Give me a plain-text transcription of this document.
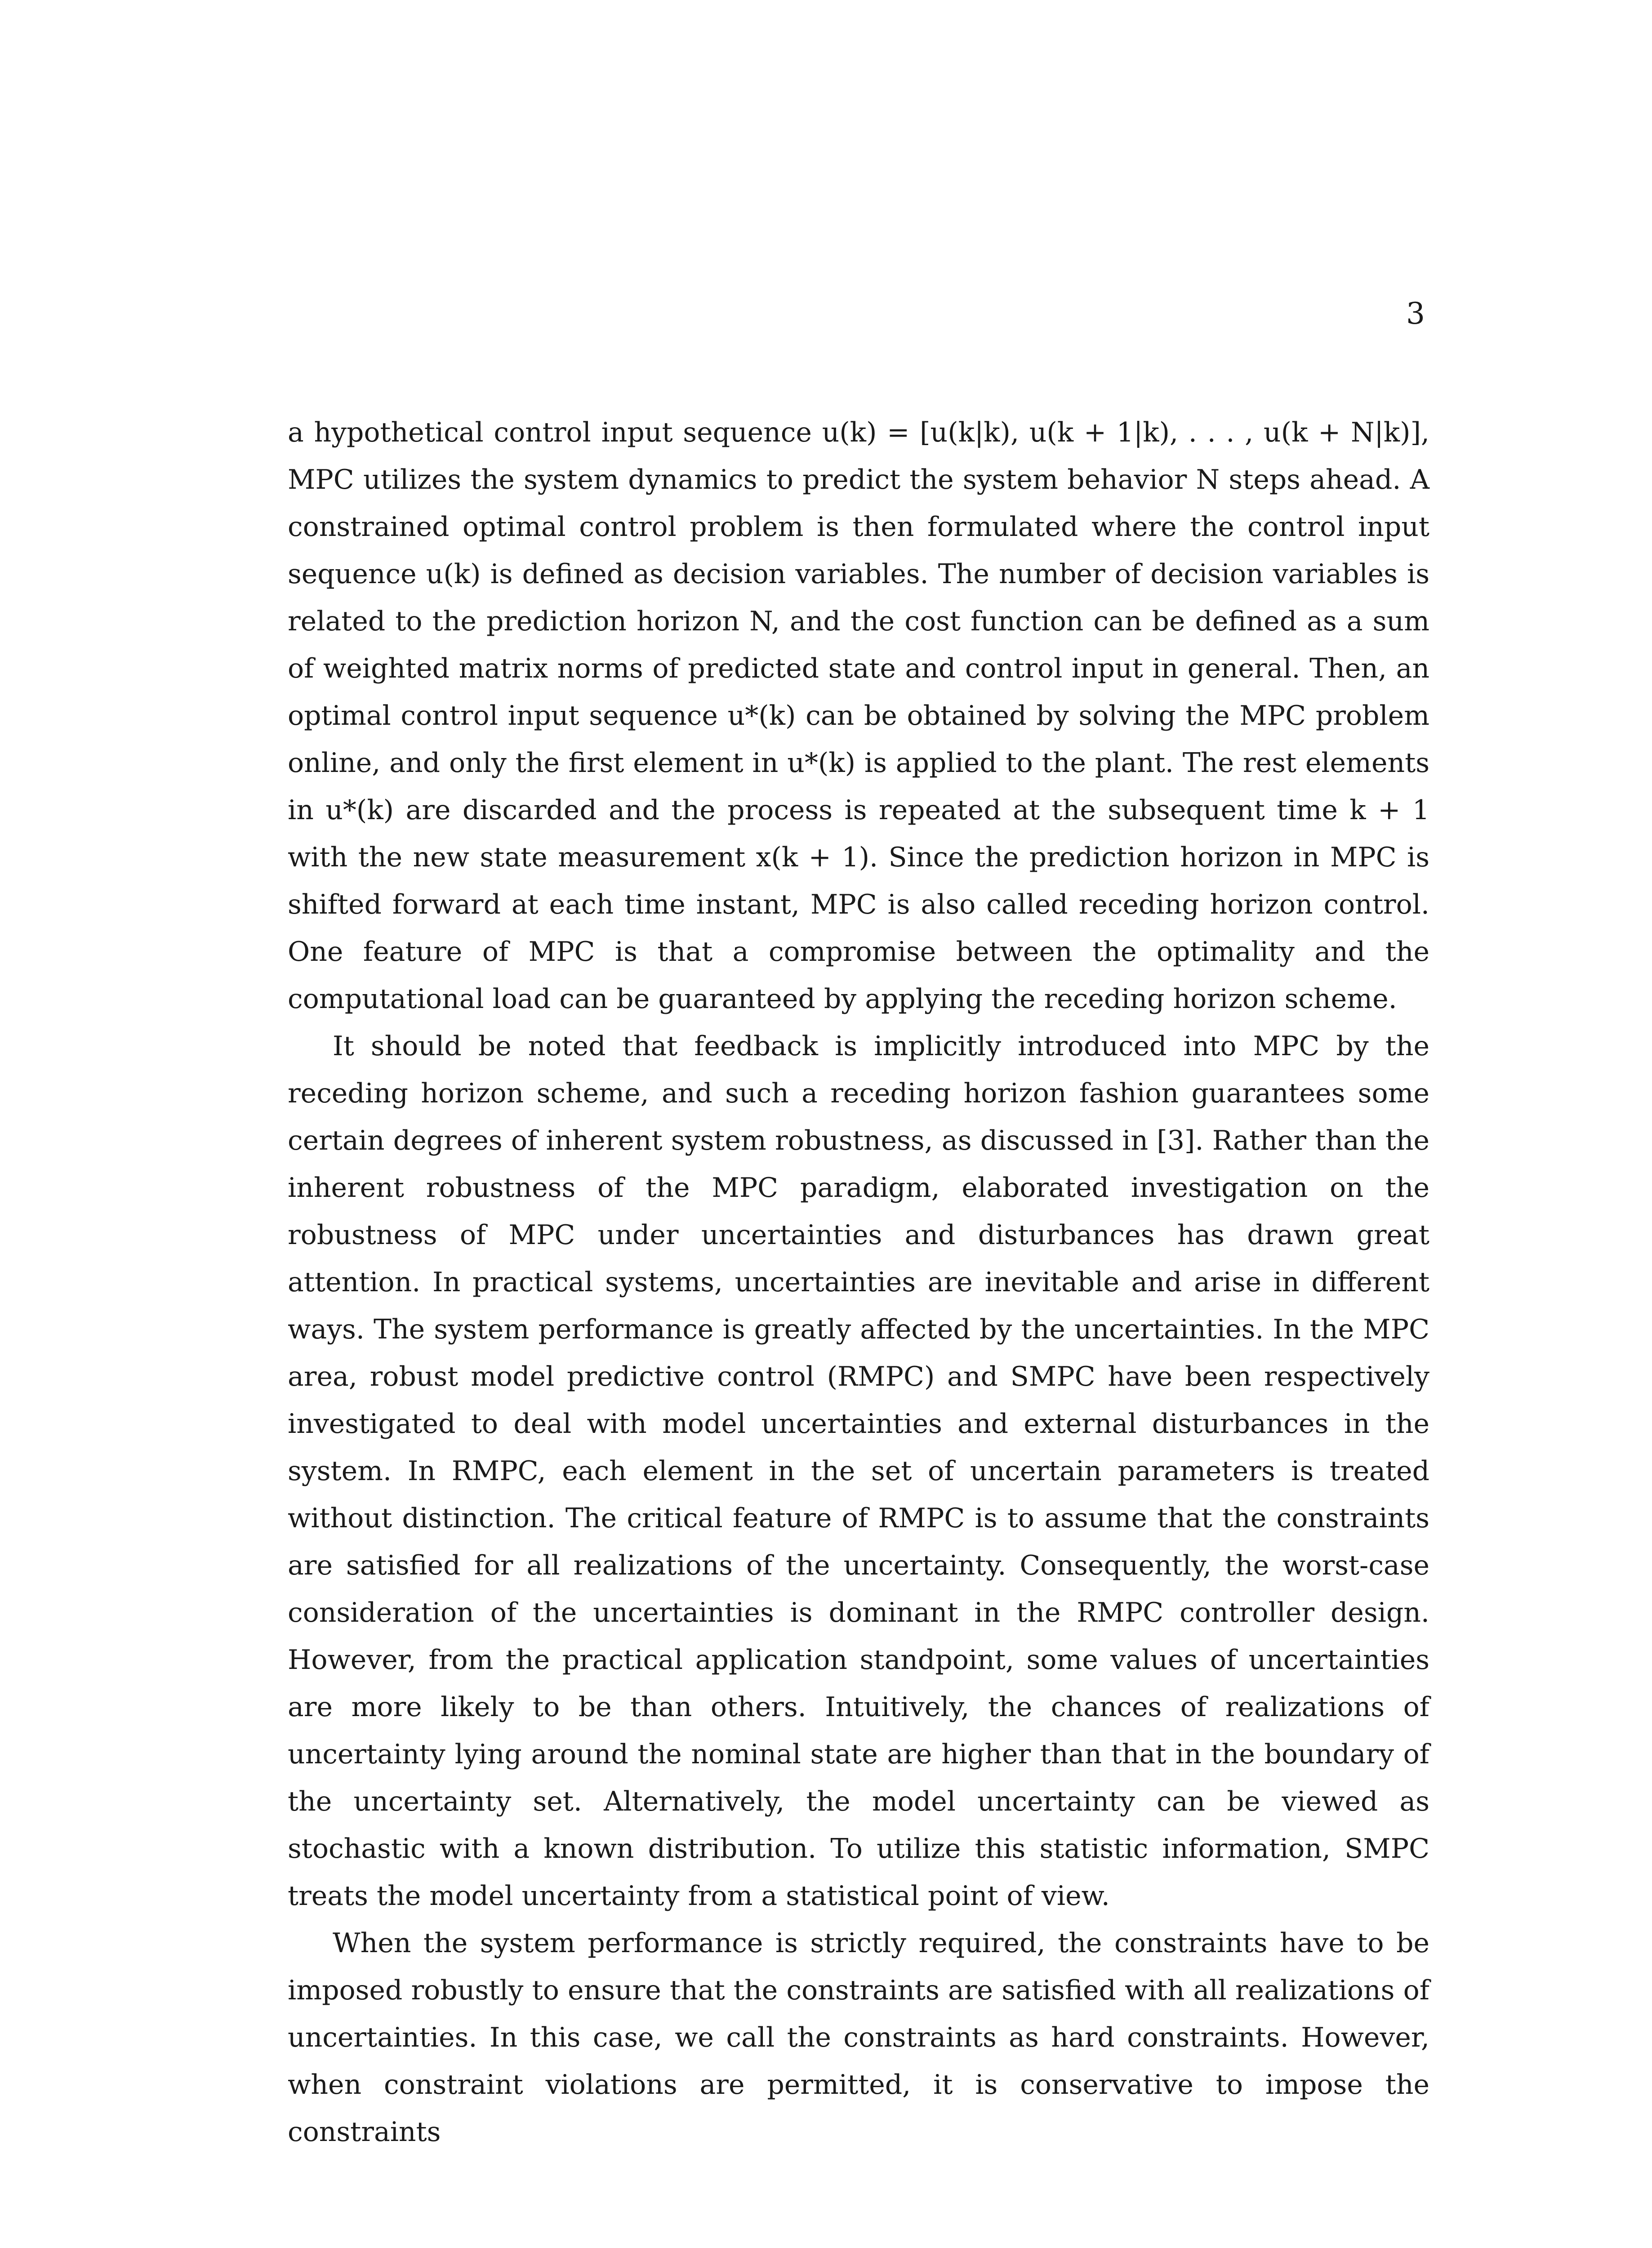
3

a hypothetical control input sequence u(k) = [u(k|k), u(k + 1|k), . . . , u(k + N|k)], MPC utilizes the system dynamics to predict the system behavior N steps ahead. A constrained optimal control problem is then formulated where the control input sequence u(k) is defined as decision variables. The number of decision variables is related to the prediction horizon N, and the cost function can be defined as a sum of weighted matrix norms of predicted state and control input in general. Then, an optimal control input sequence u*(k) can be obtained by solving the MPC problem online, and only the first element in u*(k) is applied to the plant. The rest elements in u*(k) are discarded and the process is repeated at the subsequent time k + 1 with the new state measurement x(k + 1). Since the prediction horizon in MPC is shifted forward at each time instant, MPC is also called receding horizon control. One feature of MPC is that a compromise between the optimality and the computational load can be guaranteed by applying the receding horizon scheme.

It should be noted that feedback is implicitly introduced into MPC by the receding horizon scheme, and such a receding horizon fashion guarantees some certain degrees of inherent system robustness, as discussed in [3]. Rather than the inherent robustness of the MPC paradigm, elaborated investigation on the robustness of MPC under uncertainties and disturbances has drawn great attention. In practical systems, uncertainties are inevitable and arise in different ways. The system performance is greatly affected by the uncertainties. In the MPC area, robust model predictive control (RMPC) and SMPC have been respectively investigated to deal with model uncertainties and external disturbances in the system. In RMPC, each element in the set of uncertain parameters is treated without distinction. The critical feature of RMPC is to assume that the constraints are satisfied for all realizations of the uncertainty. Consequently, the worst-case consideration of the uncertainties is dominant in the RMPC controller design. However, from the practical application standpoint, some values of uncertainties are more likely to be than others. Intuitively, the chances of realizations of uncertainty lying around the nominal state are higher than that in the boundary of the uncertainty set. Alternatively, the model uncertainty can be viewed as stochastic with a known distribution. To utilize this statistic information, SMPC treats the model uncertainty from a statistical point of view.

When the system performance is strictly required, the constraints have to be imposed robustly to ensure that the constraints are satisfied with all realizations of uncertainties. In this case, we call the constraints as hard constraints. However, when constraint violations are permitted, it is conservative to impose the constraints
